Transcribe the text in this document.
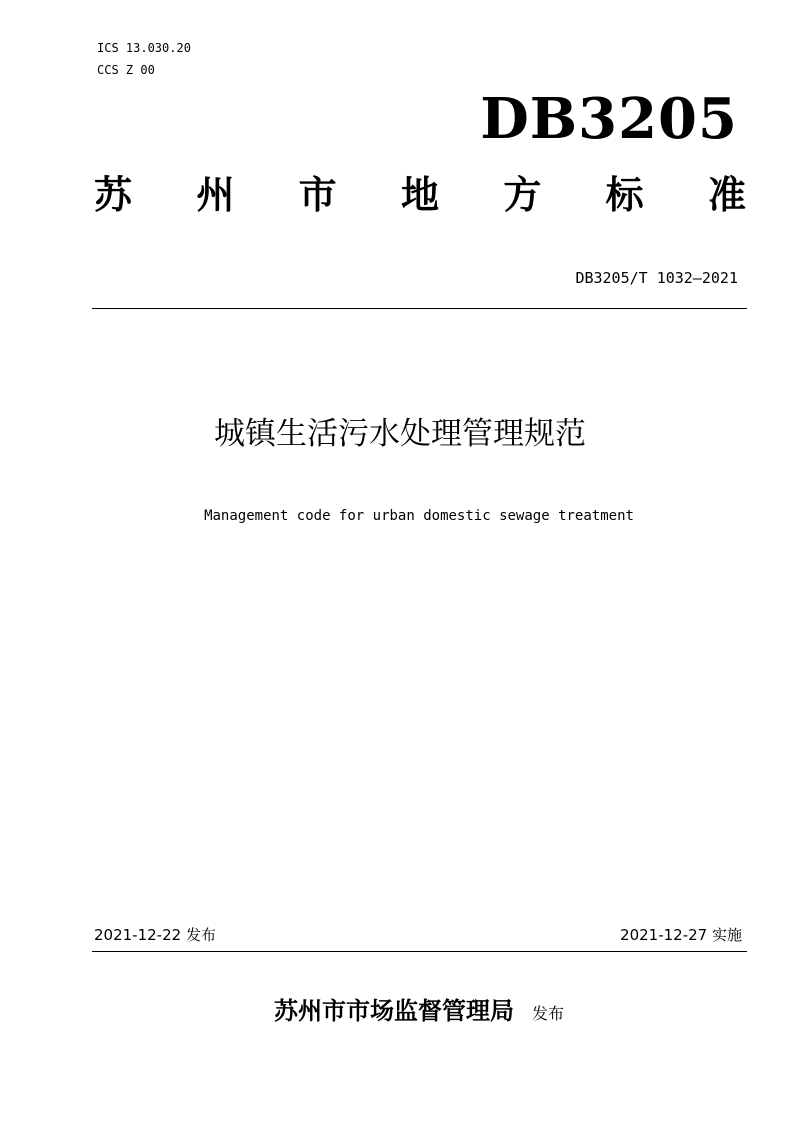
ICS 13.030.20

CCS Z 00

DB3205
苏 州 市 地 方 标 准
DB3205/T 1032—2021
城镇生活污水处理管理规范
Management code for urban domestic sewage treatment
2021-12-22 发布	2021-12-27 实施
苏州市市场监督管理局 发布
